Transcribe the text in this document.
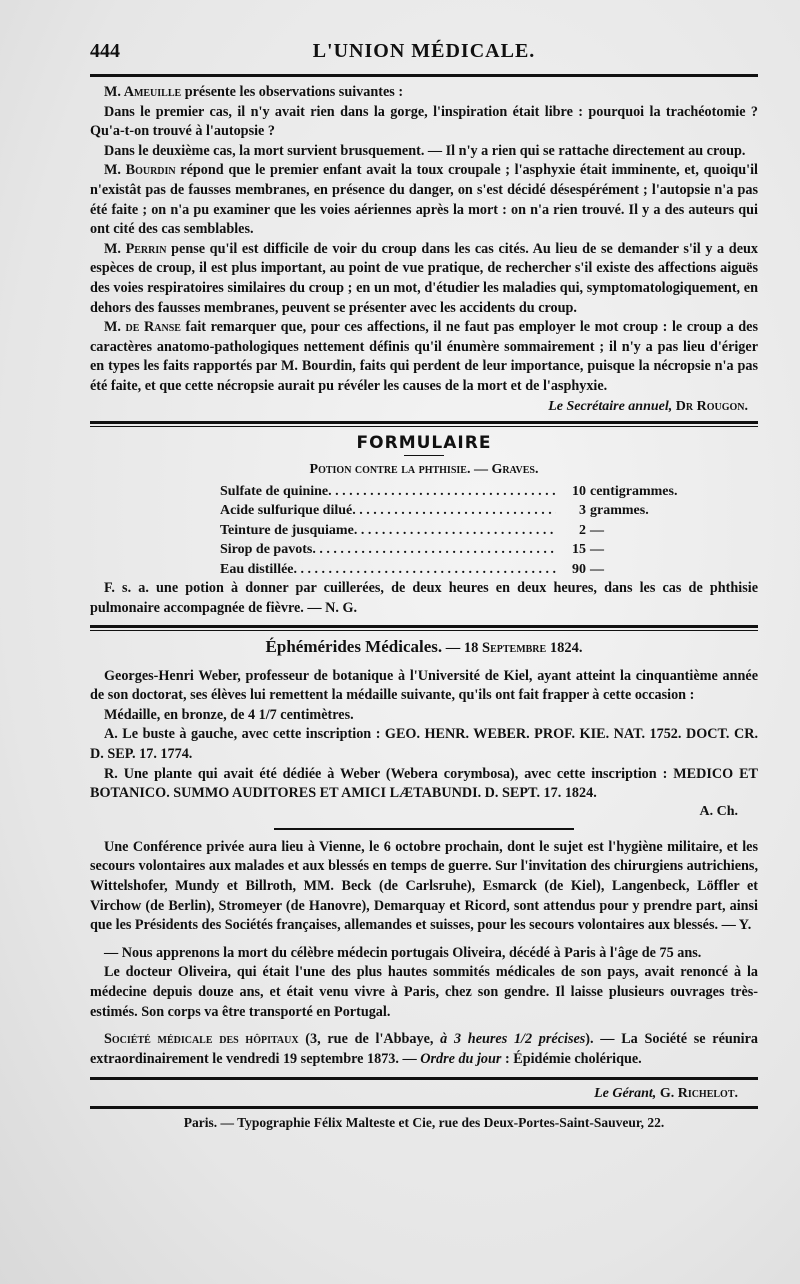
444	L'UNION MÉDICALE.

M. Ameuille présente les observations suivantes :

Dans le premier cas, il n'y avait rien dans la gorge, l'inspiration était libre : pourquoi la trachéotomie ? Qu'a-t-on trouvé à l'autopsie ?

Dans le deuxième cas, la mort survient brusquement. — Il n'y a rien qui se rattache directement au croup.

M. Bourdin répond que le premier enfant avait la toux croupale ; l'asphyxie était imminente, et, quoiqu'il n'existât pas de fausses membranes, en présence du danger, on s'est décidé désespérément ; l'autopsie n'a pas été faite ; on n'a pu examiner que les voies aériennes après la mort : on n'a rien trouvé. Il y a des auteurs qui ont cité des cas semblables.

M. Perrin pense qu'il est difficile de voir du croup dans les cas cités. Au lieu de se demander s'il y a deux espèces de croup, il est plus important, au point de vue pratique, de rechercher s'il existe des affections aiguës des voies respiratoires similaires du croup ; en un mot, d'étudier les maladies qui, symptomatologiquement, en dehors des fausses membranes, peuvent se présenter avec les accidents du croup.

M. de Ranse fait remarquer que, pour ces affections, il ne faut pas employer le mot croup : le croup a des caractères anatomo-pathologiques nettement définis qu'il énumère sommairement ; il n'y a pas lieu d'ériger en types les faits rapportés par M. Bourdin, faits qui perdent de leur importance, puisque la nécropsie n'a pas été faite, et que cette nécropsie aurait pu révéler les causes de la mort et de l'asphyxie.

Le Secrétaire annuel, Dr Rougon.
FORMULAIRE
Potion contre la phthisie. — Graves.
Sulfate de quinine . . .	10 centigrammes.
Acide sulfurique dilué . . .	3 grammes.
Teinture de jusquiame . . .	2 —
Sirop de pavots . . .	15 —
Eau distillée . . .	90 —

F. s. a. une potion à donner par cuillerées, de deux heures en deux heures, dans les cas de phthisie pulmonaire accompagnée de fièvre. — N. G.

Éphémérides Médicales. — 18 Septembre 1824.

Georges-Henri Weber, professeur de botanique à l'Université de Kiel, ayant atteint la cinquantième année de son doctorat, ses élèves lui remettent la médaille suivante, qu'ils ont fait frapper à cette occasion :

Médaille, en bronze, de 4 1/7 centimètres.

A. Le buste à gauche, avec cette inscription : GEO. HENR. WEBER. PROF. KIE. NAT. 1752. DOCT. CR. D. SEP. 17. 1774.

R. Une plante qui avait été dédiée à Weber (Webera corymbosa), avec cette inscription : MEDICO ET BOTANICO. SUMMO AUDITORES ET AMICI LÆTABUNDI. D. SEPT. 17. 1824.

A. Ch.

Une Conférence privée aura lieu à Vienne, le 6 octobre prochain, dont le sujet est l'hygiène militaire, et les secours volontaires aux malades et aux blessés en temps de guerre. Sur l'invitation des chirurgiens autrichiens, Wittelshofer, Mundy et Billroth, MM. Beck (de Carlsruhe), Esmarck (de Kiel), Langenbeck, Löffler et Virchow (de Berlin), Stromeyer (de Hanovre), Demarquay et Ricord, sont attendus pour y prendre part, ainsi que les Présidents des Sociétés françaises, allemandes et suisses, pour les secours volontaires aux blessés. — Y.

— Nous apprenons la mort du célèbre médecin portugais Oliveira, décédé à Paris à l'âge de 75 ans.

Le docteur Oliveira, qui était l'une des plus hautes sommités médicales de son pays, avait renoncé à la médecine depuis douze ans, et était venu vivre à Paris, chez son gendre. Il laisse plusieurs ouvrages très-estimés. Son corps va être transporté en Portugal.

Société médicale des hôpitaux (3, rue de l'Abbaye, à 3 heures 1/2 précises). — La Société se réunira extraordinairement le vendredi 19 septembre 1873. — Ordre du jour : Épidémie cholérique.

Le Gérant, G. Richelot.
Paris. — Typographie Félix Malteste et Cie, rue des Deux-Portes-Saint-Sauveur, 22.
